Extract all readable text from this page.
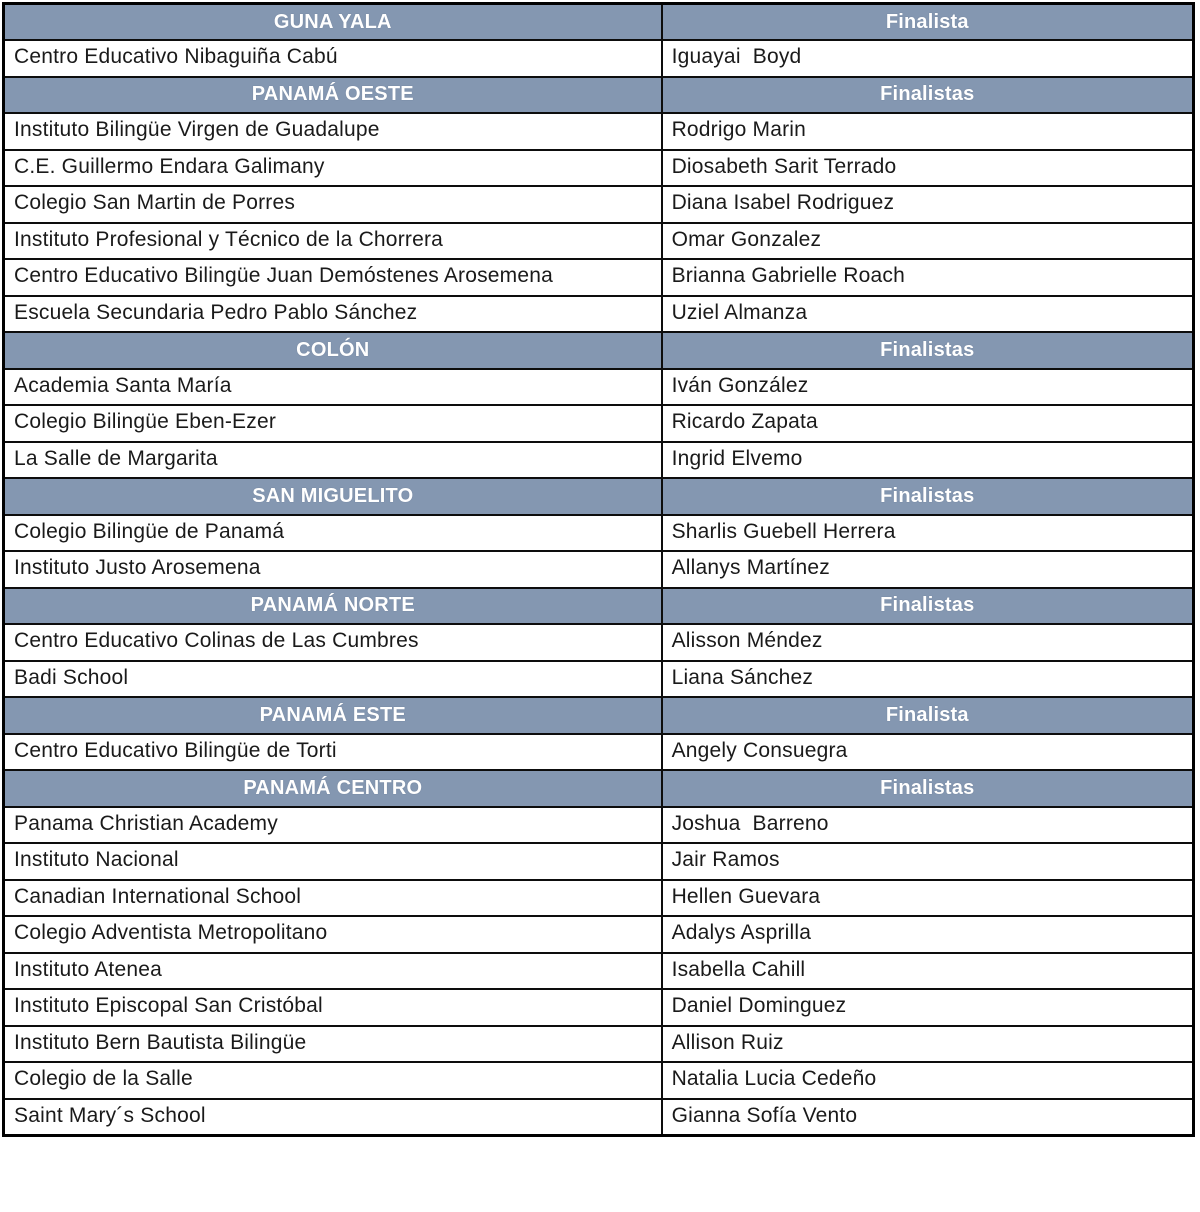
GUNA YALA	Finalista
Centro Educativo Nibaguiña Cabú	Iguayai  Boyd
PANAMÁ OESTE	Finalistas
Instituto Bilingüe Virgen de Guadalupe	Rodrigo Marin
C.E. Guillermo Endara Galimany	Diosabeth Sarit Terrado
Colegio San Martin de Porres	Diana Isabel Rodriguez
Instituto Profesional y Técnico de la Chorrera	Omar Gonzalez
Centro Educativo Bilingüe Juan Demóstenes Arosemena	Brianna Gabrielle Roach
Escuela Secundaria Pedro Pablo Sánchez	Uziel Almanza
COLÓN	Finalistas
Academia Santa María	Iván González
Colegio Bilingüe Eben-Ezer	Ricardo Zapata
La Salle de Margarita	Ingrid Elvemo
SAN MIGUELITO	Finalistas
Colegio Bilingüe de Panamá	Sharlis Guebell Herrera
Instituto Justo Arosemena	Allanys Martínez
PANAMÁ NORTE	Finalistas
Centro Educativo Colinas de Las Cumbres	Alisson Méndez
Badi School	Liana Sánchez
PANAMÁ ESTE	Finalista
Centro Educativo Bilingüe de Torti	Angely Consuegra
PANAMÁ CENTRO	Finalistas
Panama Christian Academy	Joshua  Barreno
Instituto Nacional	Jair Ramos
Canadian International School	Hellen Guevara
Colegio Adventista Metropolitano	Adalys Asprilla
Instituto Atenea	Isabella Cahill
Instituto Episcopal San Cristóbal	Daniel Dominguez
Instituto Bern Bautista Bilingüe	Allison Ruiz
Colegio de la Salle	Natalia Lucia Cedeño
Saint Mary´s School	Gianna Sofía Vento
